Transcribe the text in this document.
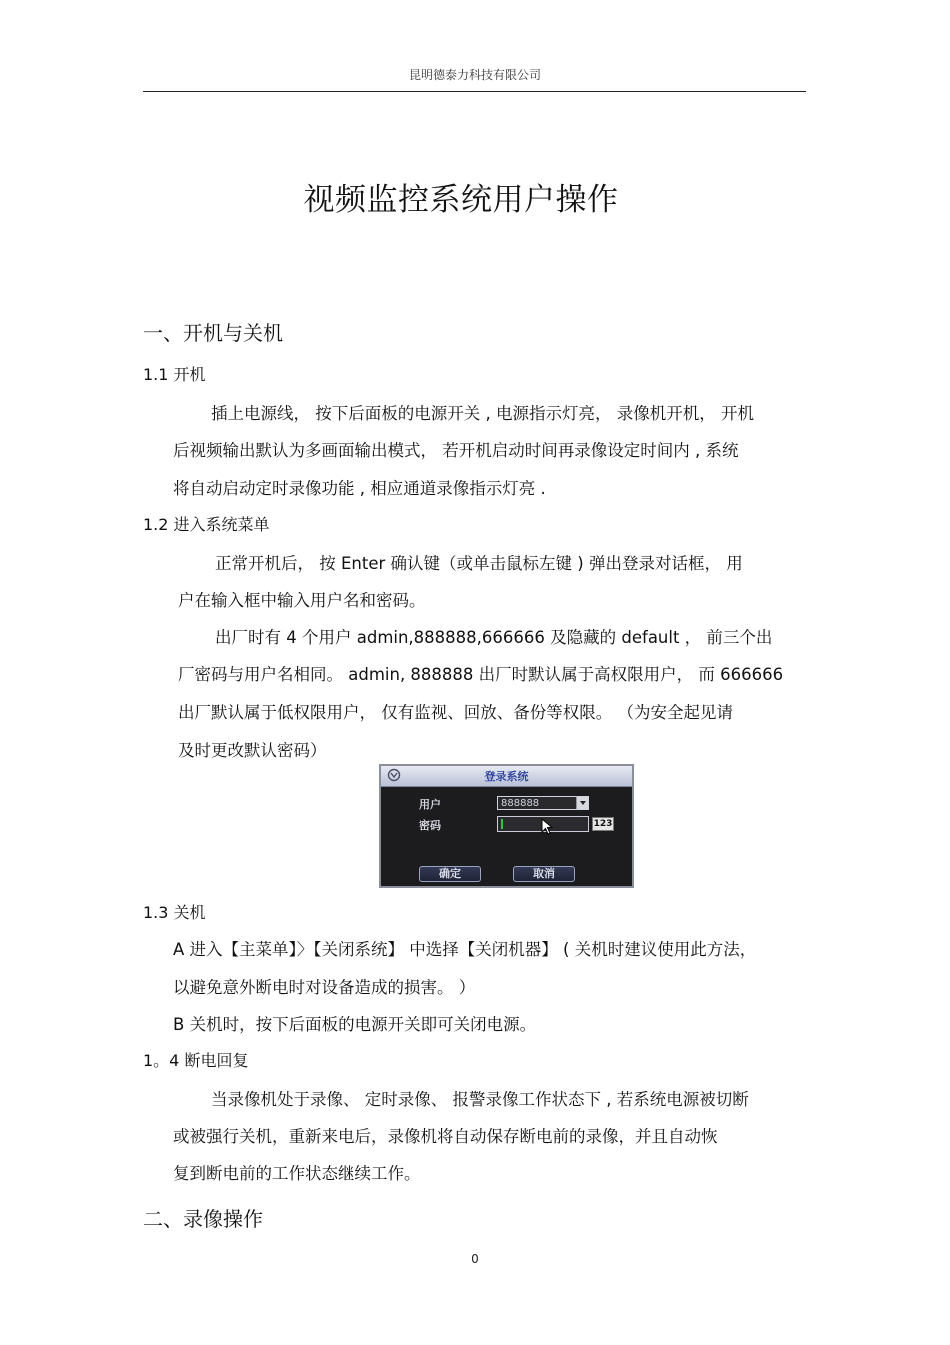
昆明德泰力科技有限公司
视频监控系统用户操作
一、开机与关机
1.1 开机
插上电源线， 按下后面板的电源开关 , 电源指示灯亮， 录像机开机， 开机
后视频输出默认为多画面输出模式， 若开机启动时间再录像设定时间内 , 系统
将自动启动定时录像功能 , 相应通道录像指示灯亮 .
1.2 进入系统菜单
正常开机后， 按 Enter 确认键（或单击鼠标左键 ) 弹出登录对话框， 用
户在输入框中输入用户名和密码。
出厂时有 4 个用户 admin,888888,666666 及隐藏的 default ， 前三个出
厂密码与用户名相同。 admin, 888888 出厂时默认属于高权限用户， 而 666666
出厂默认属于低权限用户， 仅有监视、回放、备份等权限。 （为安全起见请
及时更改默认密码）
登录系统
用户	888888
密码	123
确定	取消
1.3 关机
A 进入【主菜单】〉【关闭系统】 中选择【关闭机器】 ( 关机时建议使用此方法，
以避免意外断电时对设备造成的损害。 ）
B 关机时，按下后面板的电源开关即可关闭电源。
1。4 断电回复
当录像机处于录像、 定时录像、 报警录像工作状态下 , 若系统电源被切断
或被强行关机，重新来电后，录像机将自动保存断电前的录像，并且自动恢
复到断电前的工作状态继续工作。
二、录像操作
0
